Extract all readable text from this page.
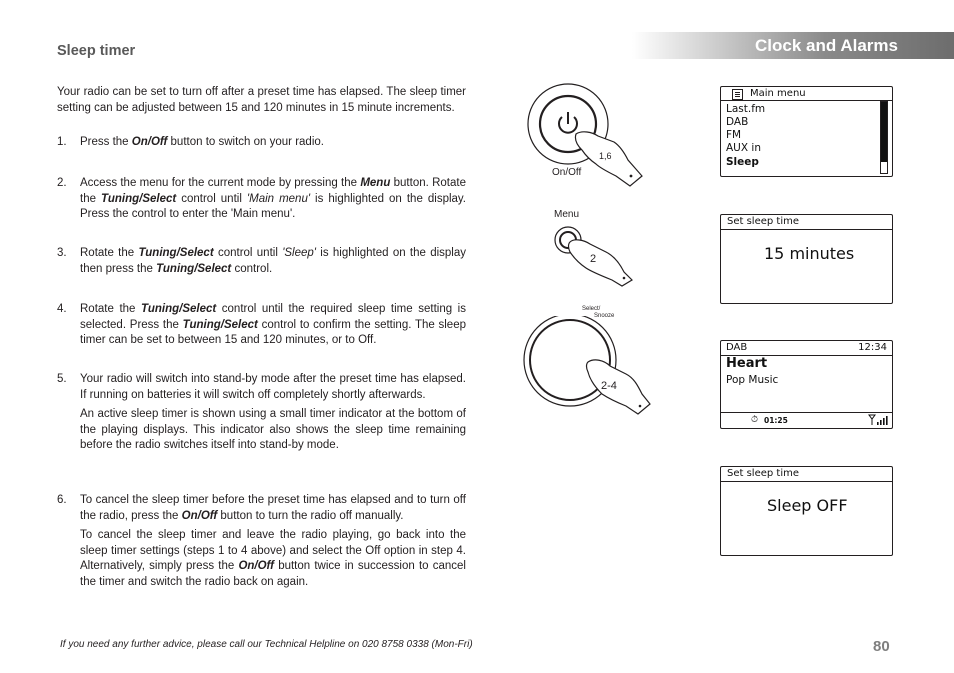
Clock and Alarms
Sleep timer

Your radio can be set to turn off after a preset time has elapsed. The sleep timer setting can be adjusted between 15 and 120 minutes in 15 minute increments.

1. Press the On/Off button to switch on your radio.

2. Access the menu for the current mode by pressing the Menu button. Rotate the Tuning/Select control until 'Main menu' is highlighted on the display. Press the control to enter the 'Main menu'.

3. Rotate the Tuning/Select control until 'Sleep' is highlighted on the display then press the Tuning/Select control.

4. Rotate the Tuning/Select control until the required sleep time setting is selected. Press the Tuning/Select control to confirm the setting. The sleep timer can be set to between 15 and 120 minutes, or to Off.

5. Your radio will switch into stand-by mode after the preset time has elapsed. If running on batteries it will switch off completely shortly afterwards.

An active sleep timer is shown using a small timer indicator at the bottom of the playing displays. This indicator also shows the sleep time remaining before the radio switches itself into stand-by mode.

6. To cancel the sleep timer before the preset time has elapsed and to turn off the radio, press the On/Off button to turn the radio off manually.

To cancel the sleep timer and leave the radio playing, go back into the sleep timer settings (steps 1 to 4 above) and select the Off option in step 4. Alternatively, simply press the On/Off button twice in succession to cancel the timer and switch the radio back on again.

1,6
On/Off
Menu
2
Select/
Snooze
2-4
Main menu
Last.fm
DAB
FM
AUX in
Sleep
Set sleep time
15 minutes
DAB	12:34
Heart
Pop Music
⏱ 01:25
Set sleep time
Sleep OFF
If you need any further advice, please call our Technical Helpline on 020 8758 0338 (Mon-Fri)	80
